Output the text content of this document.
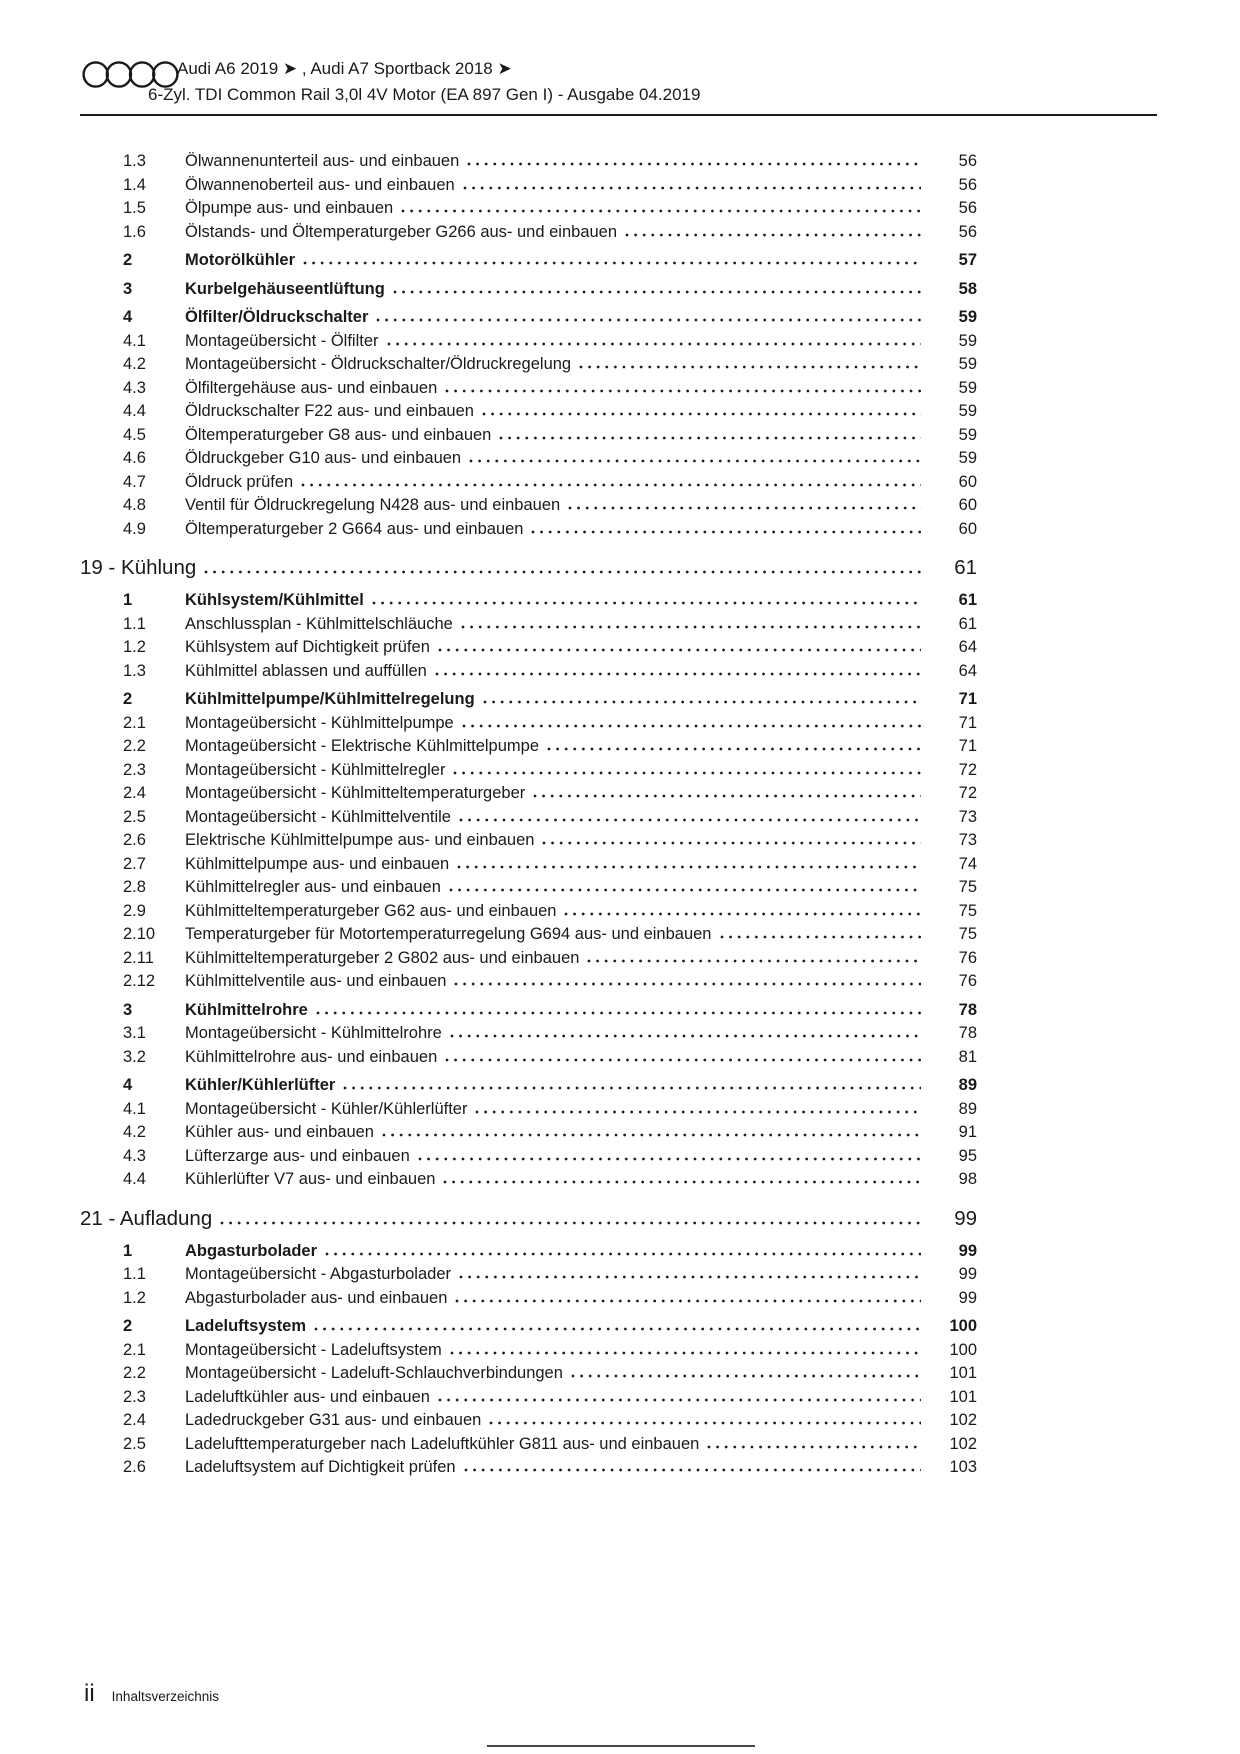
Audi A6 2019 ➤ , Audi A7 Sportback 2018 ➤
6-Zyl. TDI Common Rail 3,0l 4V Motor (EA 897 Gen I) - Ausgabe 04.2019
1.3	Ölwannenunterteil aus- und einbauen	56
1.4	Ölwannenoberteil aus- und einbauen	56
1.5	Ölpumpe aus- und einbauen	56
1.6	Ölstands- und Öltemperaturgeber G266 aus- und einbauen	56
2	Motorölkühler	57
3	Kurbelgehäuseentlüftung	58
4	Ölfilter/Öldruckschalter	59
4.1	Montageübersicht - Ölfilter	59
4.2	Montageübersicht - Öldruckschalter/Öldruckregelung	59
4.3	Ölfiltergehäuse aus- und einbauen	59
4.4	Öldruckschalter F22 aus- und einbauen	59
4.5	Öltemperaturgeber G8 aus- und einbauen	59
4.6	Öldruckgeber G10 aus- und einbauen	59
4.7	Öldruck prüfen	60
4.8	Ventil für Öldruckregelung N428 aus- und einbauen	60
4.9	Öltemperaturgeber 2 G664 aus- und einbauen	60
19 - Kühlung	61
1	Kühlsystem/Kühlmittel	61
1.1	Anschlussplan - Kühlmittelschläuche	61
1.2	Kühlsystem auf Dichtigkeit prüfen	64
1.3	Kühlmittel ablassen und auffüllen	64
2	Kühlmittelpumpe/Kühlmittelregelung	71
2.1	Montageübersicht - Kühlmittelpumpe	71
2.2	Montageübersicht - Elektrische Kühlmittelpumpe	71
2.3	Montageübersicht - Kühlmittelregler	72
2.4	Montageübersicht - Kühlmitteltemperaturgeber	72
2.5	Montageübersicht - Kühlmittelventile	73
2.6	Elektrische Kühlmittelpumpe aus- und einbauen	73
2.7	Kühlmittelpumpe aus- und einbauen	74
2.8	Kühlmittelregler aus- und einbauen	75
2.9	Kühlmitteltemperaturgeber G62 aus- und einbauen	75
2.10	Temperaturgeber für Motortemperaturregelung G694 aus- und einbauen	75
2.11	Kühlmitteltemperaturgeber 2 G802 aus- und einbauen	76
2.12	Kühlmittelventile aus- und einbauen	76
3	Kühlmittelrohre	78
3.1	Montageübersicht - Kühlmittelrohre	78
3.2	Kühlmittelrohre aus- und einbauen	81
4	Kühler/Kühlerlüfter	89
4.1	Montageübersicht - Kühler/Kühlerlüfter	89
4.2	Kühler aus- und einbauen	91
4.3	Lüfterzarge aus- und einbauen	95
4.4	Kühlerlüfter V7 aus- und einbauen	98
21 - Aufladung	99
1	Abgasturbolader	99
1.1	Montageübersicht - Abgasturbolader	99
1.2	Abgasturbolader aus- und einbauen	99
2	Ladeluftsystem	100
2.1	Montageübersicht - Ladeluftsystem	100
2.2	Montageübersicht - Ladeluft-Schlauchverbindungen	101
2.3	Ladeluftkühler aus- und einbauen	101
2.4	Ladedruckgeber G31 aus- und einbauen	102
2.5	Ladelufttemperaturgeber nach Ladeluftkühler G811 aus- und einbauen	102
2.6	Ladeluftsystem auf Dichtigkeit prüfen	103
ii Inhaltsverzeichnis
